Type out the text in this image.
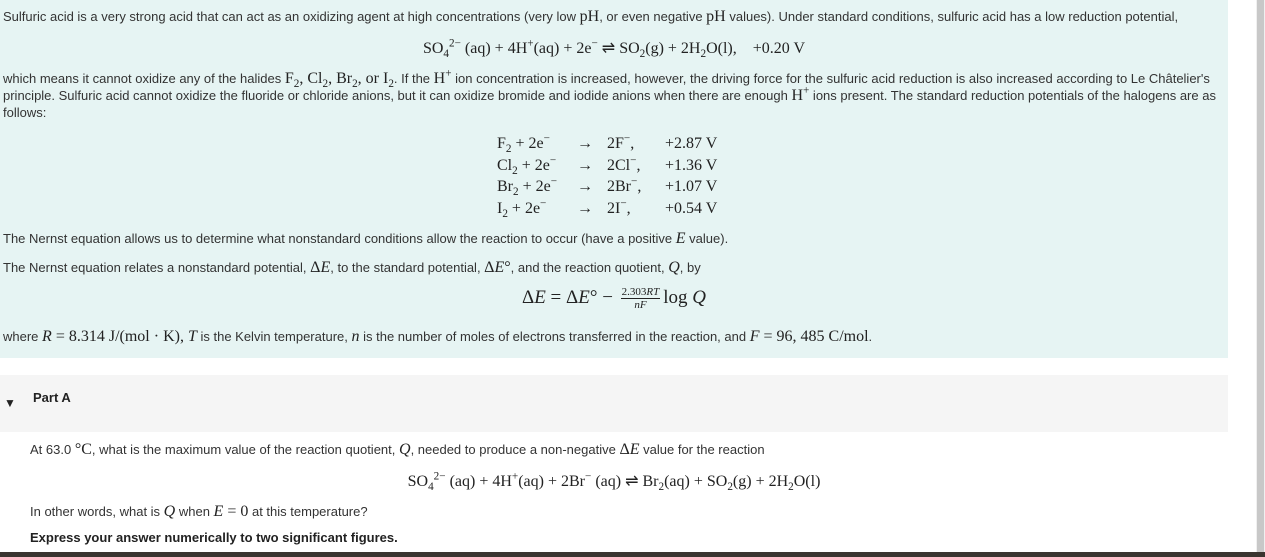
Sulfuric acid is a very strong acid that can act as an oxidizing agent at high concentrations (very low pH, or even negative pH values). Under standard conditions, sulfuric acid has a low reduction potential,

$SO_4^{2-}$ (aq) + 4H+(aq) + 2e− ⇌ $SO_2(g) + 2H_2O(l)$,    +0.20 V

which means it cannot oxidize any of the halides $F_2$, $Cl_2$, $Br_2$, or $I_2$. If the H+ ion concentration is increased, however, the driving force for the sulfuric acid reduction is also increased according to Le Châtelier's principle. Sulfuric acid cannot oxidize the fluoride or chloride anions, but it can oxidize bromide and iodide anions when there are enough H+ ions present. The standard reduction potentials of the halogens are as follows:

$F_2 + 2e^-$	→	2F−,	+2.87 V
$Cl_2 + 2e^-$	→	2Cl−,	+1.36 V
$Br_2 + 2e^-$	→	2Br−,	+1.07 V
$I_2 + 2e^-$	→	2I−,	+0.54 V

The Nernst equation allows us to determine what nonstandard conditions allow the reaction to occur (have a positive E value).

The Nernst equation relates a nonstandard potential, ΔE, to the standard potential, ΔE°, and the reaction quotient, Q, by

$\Delta E = \Delta E^\circ - \frac{2.303RT}{nF}$ log Q

where R = 8.314 J/(mol · K), T is the Kelvin temperature, n is the number of moles of electrons transferred in the reaction, and F = 96, 485 C/mol.

▼ Part A

At 63.0 °C, what is the maximum value of the reaction quotient, Q, needed to produce a non-negative ΔE value for the reaction

$SO_4^{2-}$ (aq) + 4H+(aq) + 2Br− (aq) ⇌ $Br_2(aq) + SO_2(g) + 2H_2O(l)$

In other words, what is Q when E = 0 at this temperature?

Express your answer numerically to two significant figures.
